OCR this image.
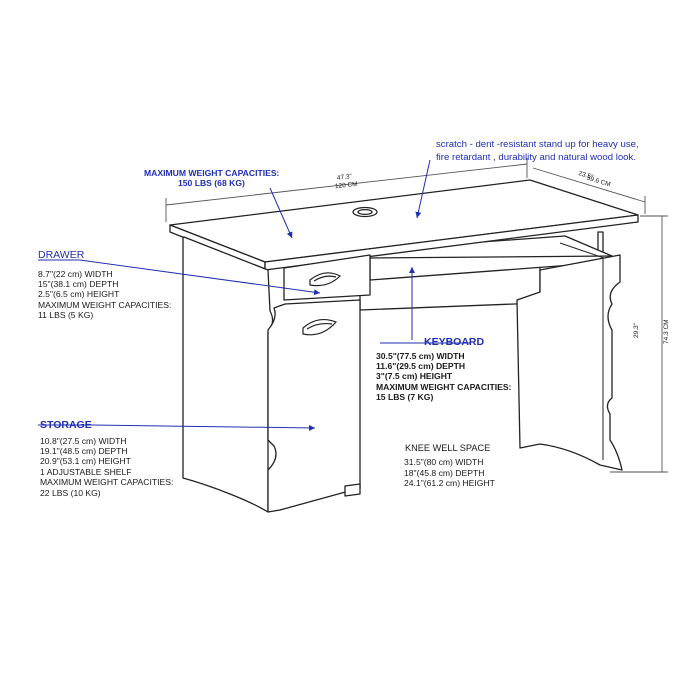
MAXIMUM WEIGHT CAPACITIES:
150 LBS (68 KG)
scratch - dent -resistant stand up for heavy use,
fire retardant , durability and natural wood look.
47.3"
120 CM
23.5"
59.6 CM
29.3"	74.3 CM
DRAWER
8.7"(22 cm) WIDTH
15"(38.1 cm) DEPTH
2.5"(6.5 cm) HEIGHT
MAXIMUM WEIGHT CAPACITIES:
11 LBS (5 KG)
KEYBOARD
30.5"(77.5 cm) WIDTH
11.6"(29.5 cm) DEPTH
3"(7.5 cm) HEIGHT
MAXIMUM WEIGHT CAPACITIES:
15 LBS (7 KG)
STORAGE
10.8"(27.5 cm) WIDTH
19.1"(48.5 cm) DEPTH
20.9"(53.1 cm) HEIGHT
1 ADJUSTABLE SHELF
MAXIMUM WEIGHT CAPACITIES:
22 LBS (10 KG)
KNEE WELL SPACE
31.5"(80 cm) WIDTH
18"(45.8 cm) DEPTH
24.1"(61.2 cm) HEIGHT
